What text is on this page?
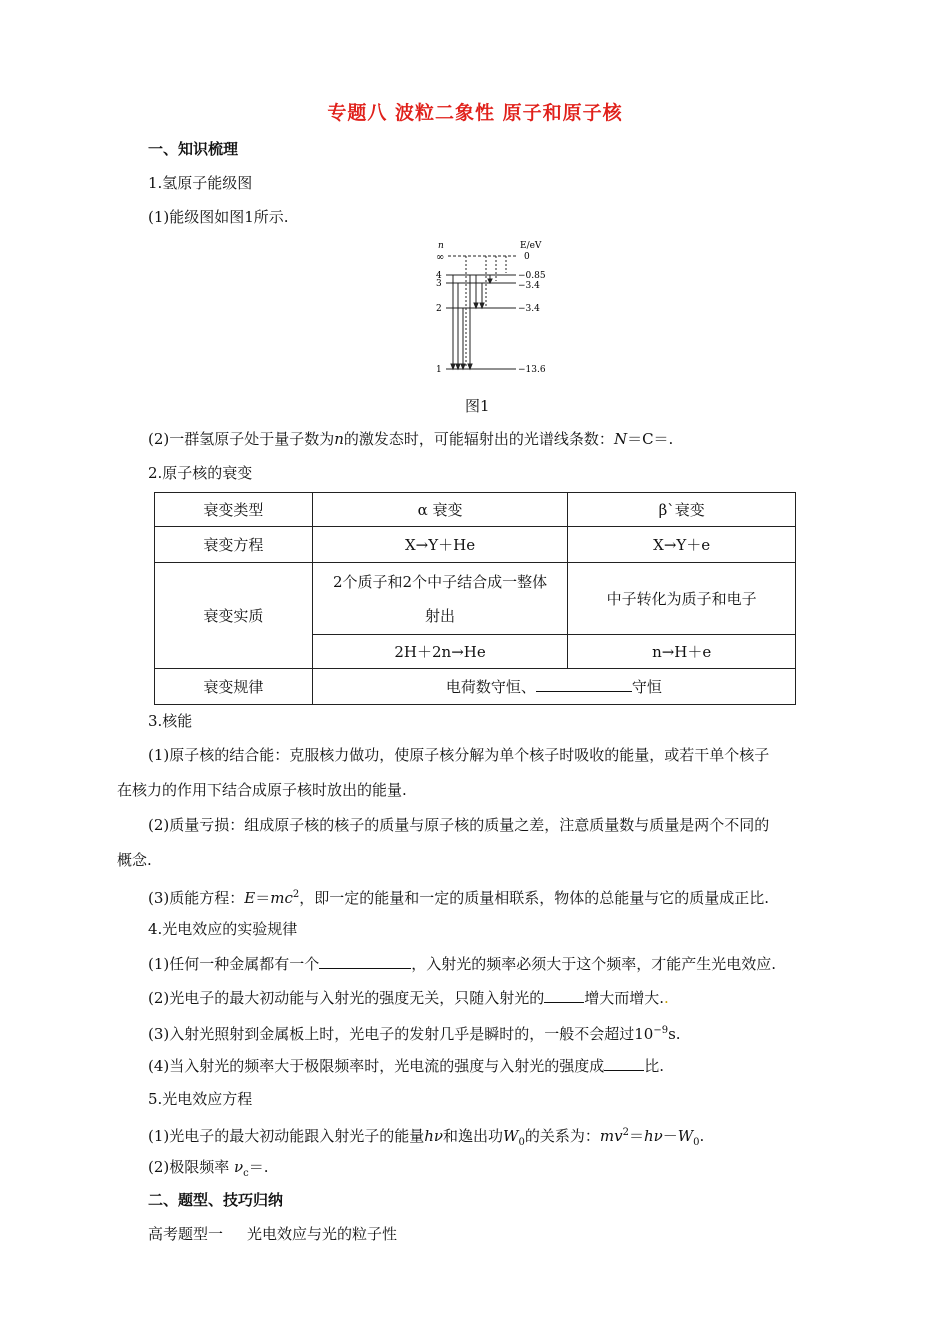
专题八 波粒二象性 原子和原子核
一、知识梳理
1.氢原子能级图
(1)能级图如图1所示.
n	E/eV
∞	0
4	−0.85
3	−3.4
2	−3.4
1	−13.6
图1
(2)一群氢原子处于量子数为n的激发态时，可能辐射出的光谱线条数：N＝C＝.
2.原子核的衰变
衰变类型	α 衰变	β`衰变
衰变方程	X→Y＋He	X→Y＋e
衰变实质	2个质子和2个中子结合成一整体射出	中子转化为质子和电子
	2H＋2n→He	n→H＋e
衰变规律	电荷数守恒、 守恒	
3.核能
(1)原子核的结合能：克服核力做功，使原子核分解为单个核子时吸收的能量，或若干单个核子
在核力的作用下结合成原子核时放出的能量.
(2)质量亏损：组成原子核的核子的质量与原子核的质量之差，注意质量数与质量是两个不同的
概念.
(3)质能方程：$E=mc^2$，即一定的能量和一定的质量相联系，物体的总能量与它的质量成正比.
4.光电效应的实验规律
(1)任何一种金属都有一个	，入射光的频率必须大于这个频率，才能产生光电效应.
(2)光电子的最大初动能与入射光的强度无关，只随入射光的	增大而增大..
(3)入射光照射到金属板上时，光电子的发射几乎是瞬时的，一般不会超过$10^{-9}s$.
(4)当入射光的频率大于极限频率时，光电流的强度与入射光的强度成	比.
5.光电效应方程
(1)光电子的最大初动能跟入射光子的能量hν和逸出功$W_0$的关系为：$mv^2=h\nu-W_0$.
(2)极限频率 $\nu_c=$.
二、题型、技巧归纳
高考题型一 光电效应与光的粒子性
